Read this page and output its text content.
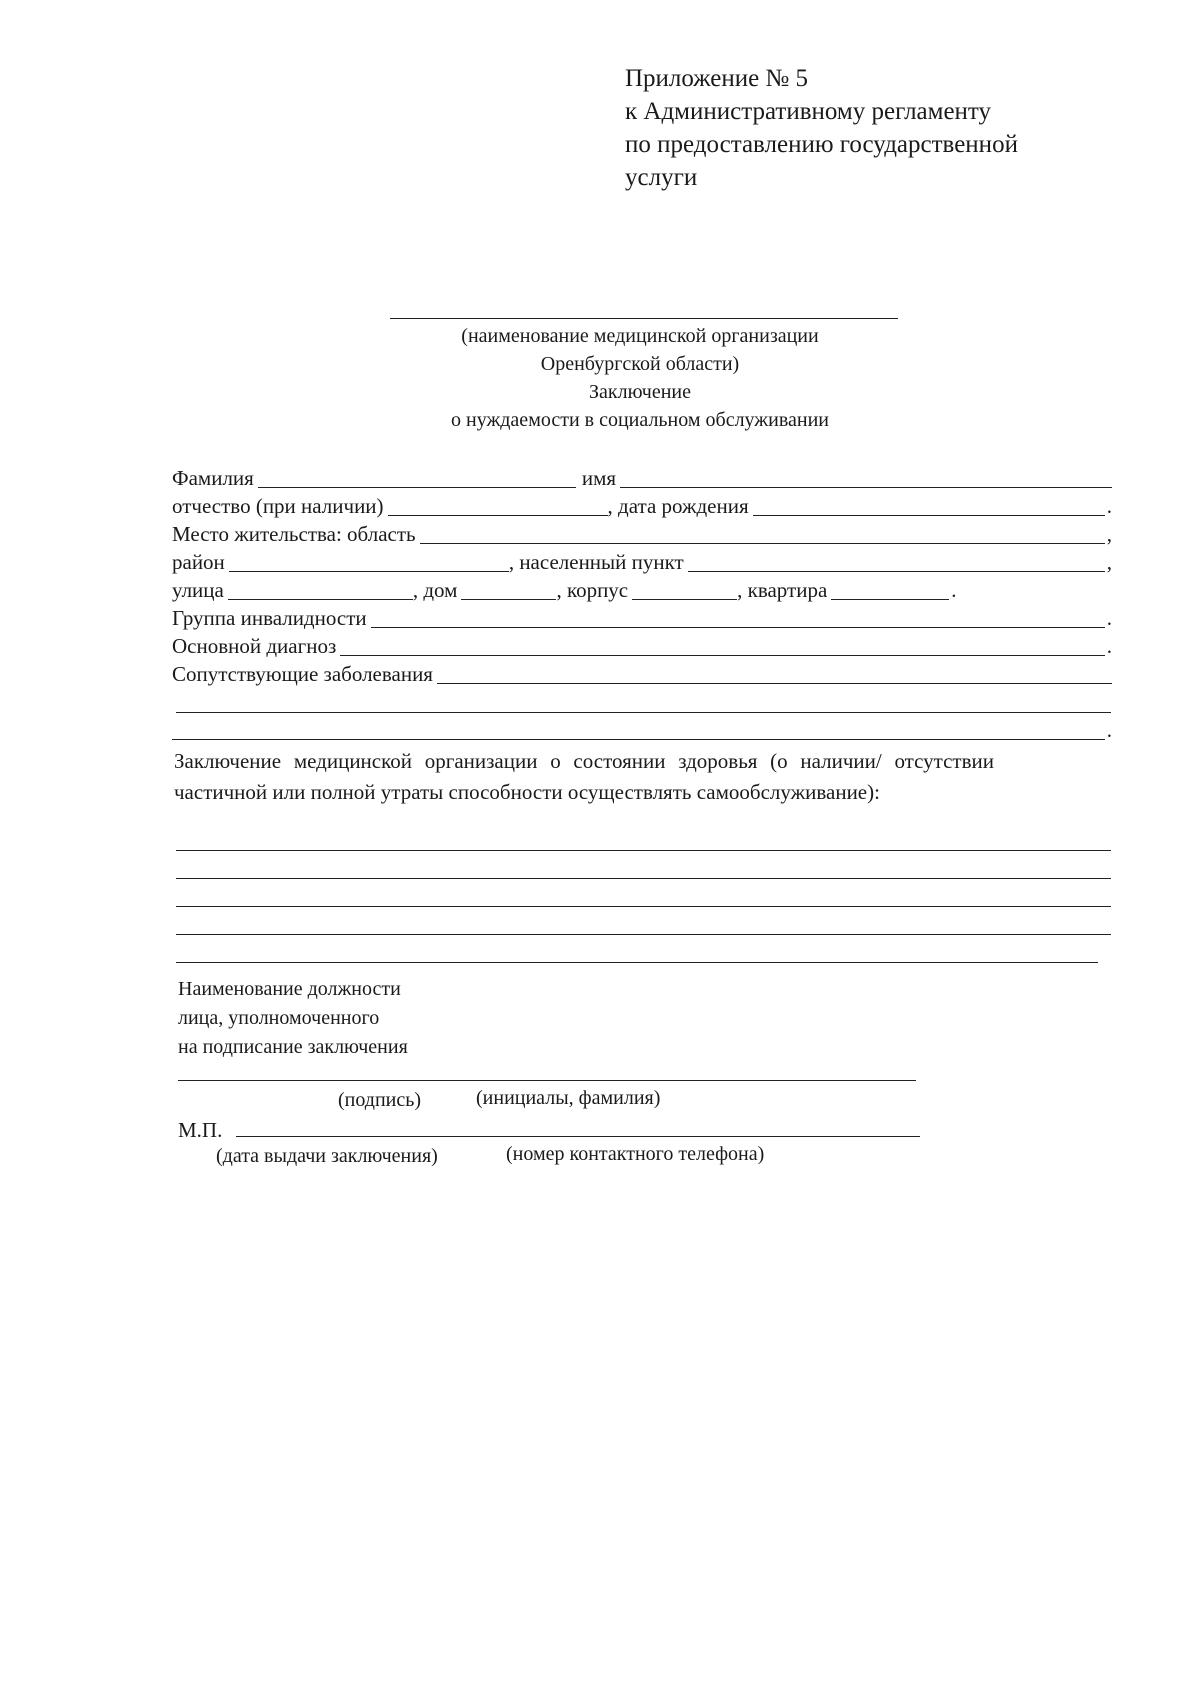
Приложение № 5
к Административному регламенту
по предоставлению государственной
услуги
(наименование медицинской организации
Оренбургской области)
Заключение
о нуждаемости в социальном обслуживании
Фамилия	имя
отчество (при наличии)	, дата рождения	.
Место жительства: область	,
район	, населенный пункт	,
улица	, дом	, корпус	, квартира	.
Группа инвалидности	.
Основной диагноз	.
Сопутствующие заболевания
.
Заключение медицинской организации о состоянии здоровья (о наличии/ отсутствии частичной или полной утраты способности осуществлять самообслуживание):
Наименование должности
лица, уполномоченного
на подписание заключения
(подпись)	(инициалы, фамилия)
М.П.
(дата выдачи заключения)	(номер контактного телефона)
